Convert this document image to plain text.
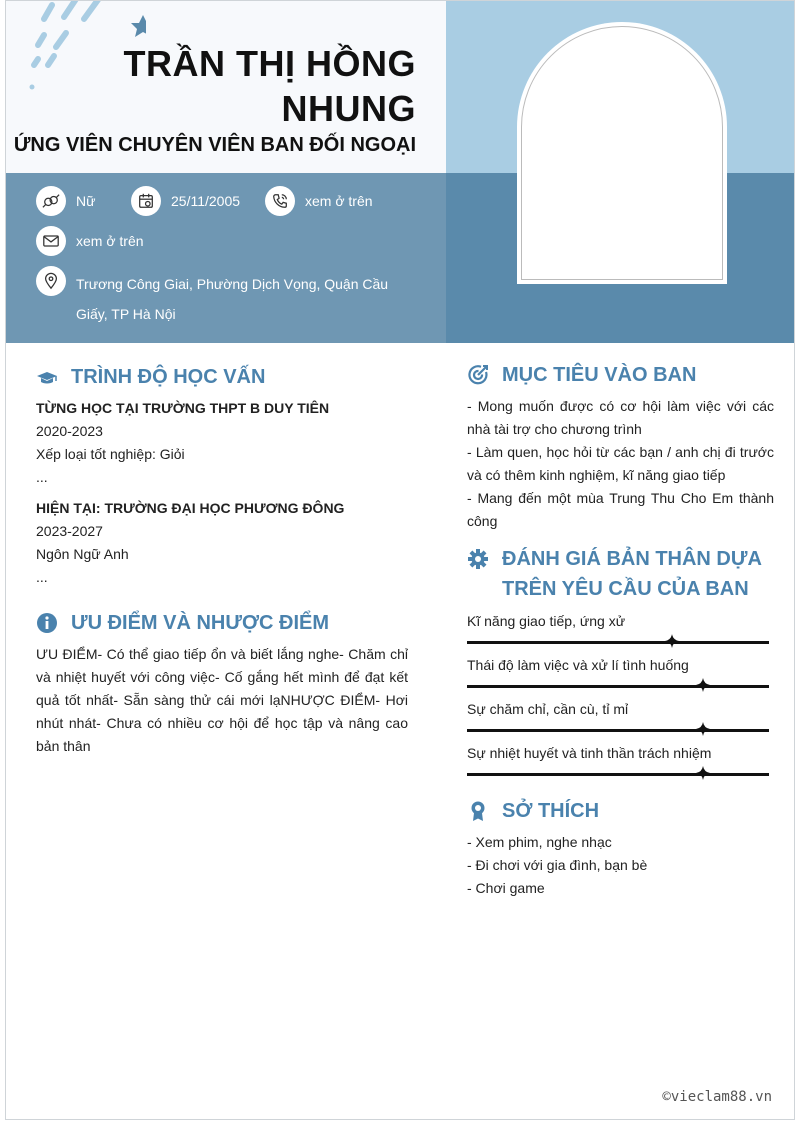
TRẦN THỊ HỒNG
NHUNG
ỨNG VIÊN CHUYÊN VIÊN BAN ĐỐI NGOẠI
Nữ	25/11/2005	xem ở trên
xem ở trên
Trương Công Giai, Phường Dịch Vọng, Quận Cầu Giấy, TP Hà Nội
TRÌNH ĐỘ HỌC VẤN
TỪNG HỌC TẠI TRƯỜNG THPT B DUY TIÊN
2020-2023
Xếp loại tốt nghiệp: Giỏi
...
HIỆN TẠI: TRƯỜNG ĐẠI HỌC PHƯƠNG ĐÔNG
2023-2027
Ngôn Ngữ Anh
...
ƯU ĐIỂM VÀ NHƯỢC ĐIỂM
ƯU ĐIỂM- Có thể giao tiếp ổn và biết lắng nghe- Chăm chỉ và nhiệt huyết với công việc- Cố gắng hết mình để đạt kết quả tốt nhất- Sẵn sàng thử cái mới lạNHƯỢC ĐIỂM- Hơi nhút nhát- Chưa có nhiều cơ hội để học tập và nâng cao bản thân
MỤC TIÊU VÀO BAN
- Mong muốn được có cơ hội làm việc với các nhà tài trợ cho chương trình
- Làm quen, học hỏi từ các bạn / anh chị đi trước và có thêm kinh nghiệm, kĩ năng giao tiếp
- Mang đến một mùa Trung Thu Cho Em thành công
ĐÁNH GIÁ BẢN THÂN DỰA TRÊN YÊU CẦU CỦA BAN
Kĩ năng giao tiếp, ứng xử
Thái độ làm việc và xử lí tình huống
Sự chăm chỉ, cần cù, tỉ mỉ
Sự nhiệt huyết và tinh thần trách nhiệm
SỞ THÍCH
- Xem phim, nghe nhạc
- Đi chơi với gia đình, bạn bè
- Chơi game
©vieclam88.vn
